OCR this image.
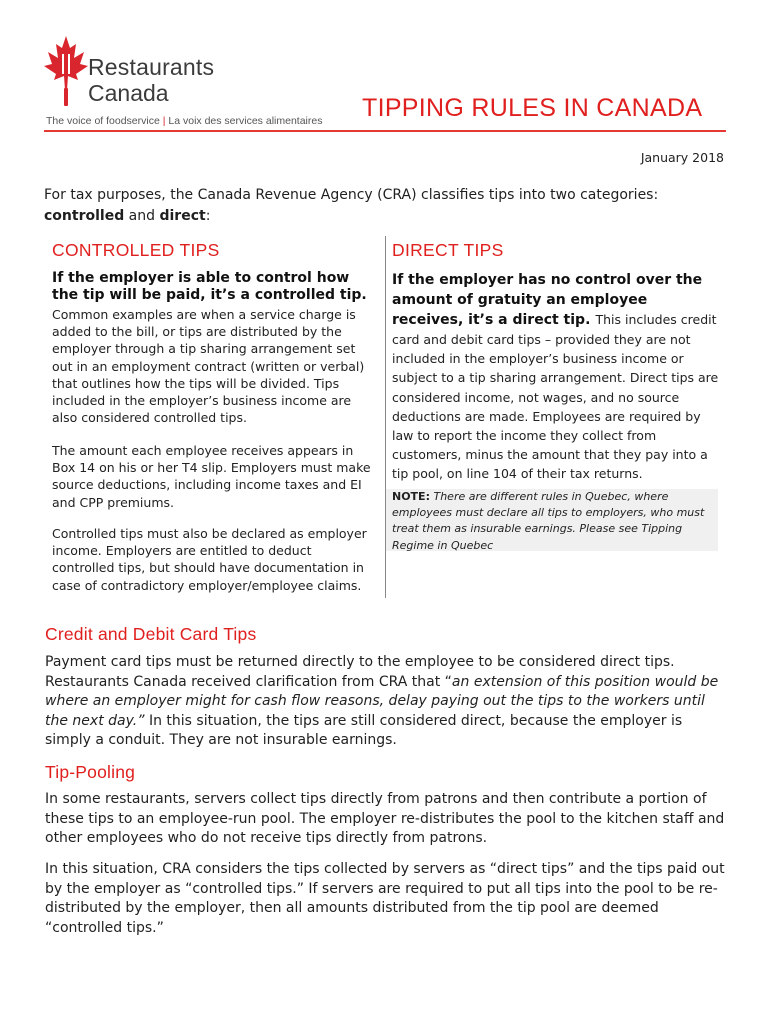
Restaurants
Canada
The voice of foodservice | La voix des services alimentaires TIPPING RULES IN CANADA
January 2018
For tax purposes, the Canada Revenue Agency (CRA) classifies tips into two categories:
controlled and direct:
CONTROLLED TIPS
If the employer is able to control how the tip will be paid, it’s a controlled tip.
Common examples are when a service charge is added to the bill, or tips are distributed by the employer through a tip sharing arrangement set out in an employment contract (written or verbal) that outlines how the tips will be divided. Tips included in the employer’s business income are also considered controlled tips.
The amount each employee receives appears in Box 14 on his or her T4 slip. Employers must make source deductions, including income taxes and EI and CPP premiums.
Controlled tips must also be declared as employer income. Employers are entitled to deduct controlled tips, but should have documentation in case of contradictory employer/employee claims.
DIRECT TIPS
If the employer has no control over the amount of gratuity an employee receives, it’s a direct tip. This includes credit card and debit card tips – provided they are not included in the employer’s business income or subject to a tip sharing arrangement. Direct tips are considered income, not wages, and no source deductions are made. Employees are required by law to report the income they collect from customers, minus the amount that they pay into a tip pool, on line 104 of their tax returns.
NOTE: There are different rules in Quebec, where employees must declare all tips to employers, who must treat them as insurable earnings. Please see Tipping Regime in Quebec
Credit and Debit Card Tips
Payment card tips must be returned directly to the employee to be considered direct tips. Restaurants Canada received clarification from CRA that “an extension of this position would be where an employer might for cash flow reasons, delay paying out the tips to the workers until the next day.” In this situation, the tips are still considered direct, because the employer is simply a conduit. They are not insurable earnings.
Tip-Pooling
In some restaurants, servers collect tips directly from patrons and then contribute a portion of these tips to an employee-run pool. The employer re-distributes the pool to the kitchen staff and other employees who do not receive tips directly from patrons.
In this situation, CRA considers the tips collected by servers as “direct tips” and the tips paid out by the employer as “controlled tips.” If servers are required to put all tips into the pool to be re-distributed by the employer, then all amounts distributed from the tip pool are deemed “controlled tips.”
